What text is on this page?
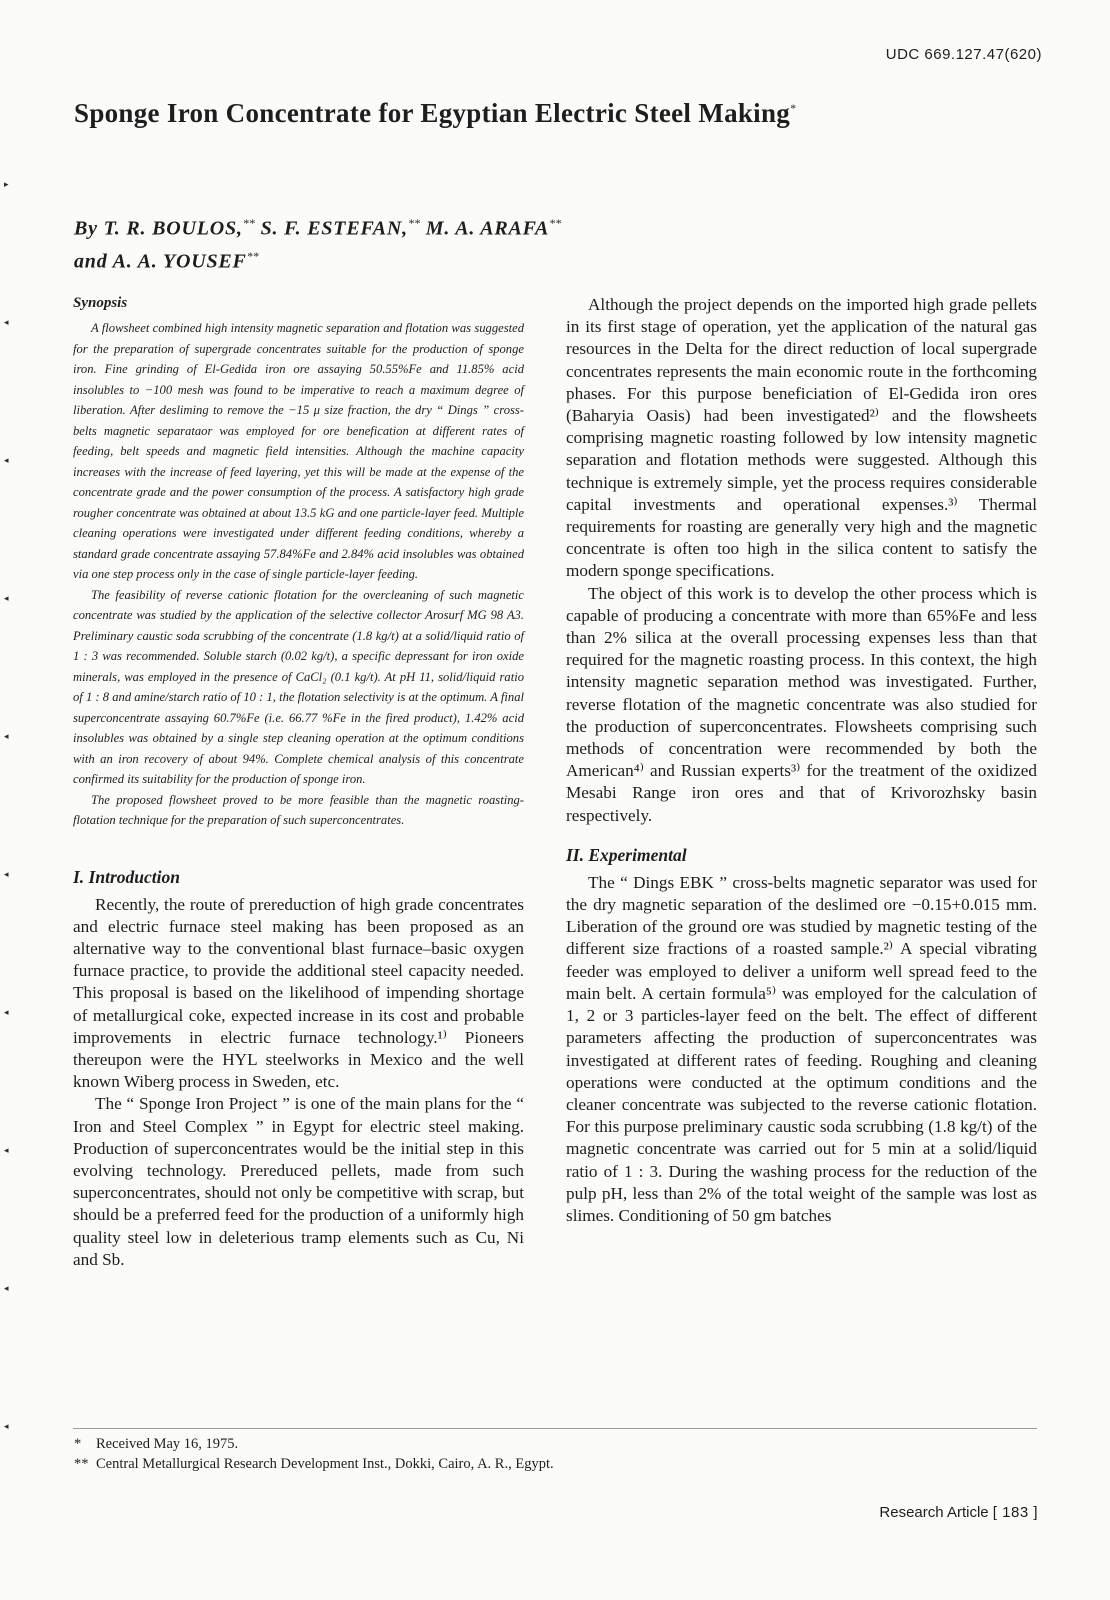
UDC 669.127.47(620)
Sponge Iron Concentrate for Egyptian Electric Steel Making*
By T. R. BOULOS,** S. F. ESTEFAN,** M. A. ARAFA**
and A. A. YOUSEF**
Synopsis

A flowsheet combined high intensity magnetic separation and flotation was suggested for the preparation of supergrade concentrates suitable for the production of sponge iron. Fine grinding of El-Gedida iron ore assaying 50.55%Fe and 11.85% acid insolubles to −100 mesh was found to be imperative to reach a maximum degree of liberation. After desliming to remove the −15 μ size fraction, the dry “ Dings ” cross-belts magnetic separataor was employed for ore benefication at different rates of feeding, belt speeds and magnetic field intensities. Although the machine capacity increases with the increase of feed layering, yet this will be made at the expense of the concentrate grade and the power consumption of the process. A satisfactory high grade rougher concentrate was obtained at about 13.5 kG and one particle-layer feed. Multiple cleaning operations were investigated under different feeding conditions, whereby a standard grade concentrate assaying 57.84%Fe and 2.84% acid insolubles was obtained via one step process only in the case of single particle-layer feeding.

The feasibility of reverse cationic flotation for the overcleaning of such magnetic concentrate was studied by the application of the selective collector Arosurf MG 98 A3. Preliminary caustic soda scrubbing of the concentrate (1.8 kg/t) at a solid/liquid ratio of 1 : 3 was recommended. Soluble starch (0.02 kg/t), a specific depressant for iron oxide minerals, was employed in the presence of CaCl₂ (0.1 kg/t). At pH 11, solid/liquid ratio of 1 : 8 and amine/starch ratio of 10 : 1, the flotation selectivity is at the optimum. A final superconcentrate assaying 60.7%Fe (i.e. 66.77 %Fe in the fired product), 1.42% acid insolubles was obtained by a single step cleaning operation at the optimum conditions with an iron recovery of about 94%. Complete chemical analysis of this concentrate confirmed its suitability for the production of sponge iron.

The proposed flowsheet proved to be more feasible than the magnetic roasting-flotation technique for the preparation of such superconcentrates.

I. Introduction

Recently, the route of prereduction of high grade concentrates and electric furnace steel making has been proposed as an alternative way to the conventional blast furnace–basic oxygen furnace practice, to provide the additional steel capacity needed. This proposal is based on the likelihood of impending shortage of metallurgical coke, expected increase in its cost and probable improvements in electric furnace technology.¹⁾ Pioneers thereupon were the HYL steelworks in Mexico and the well known Wiberg process in Sweden, etc.

The “ Sponge Iron Project ” is one of the main plans for the “ Iron and Steel Complex ” in Egypt for electric steel making. Production of superconcentrates would be the initial step in this evolving technology. Prereduced pellets, made from such superconcentrates, should not only be competitive with scrap, but should be a preferred feed for the production of a uniformly high quality steel low in deleterious tramp elements such as Cu, Ni and Sb.

Although the project depends on the imported high grade pellets in its first stage of operation, yet the application of the natural gas resources in the Delta for the direct reduction of local supergrade concentrates represents the main economic route in the forthcoming phases. For this purpose beneficiation of El-Gedida iron ores (Baharyia Oasis) had been investigated²⁾ and the flowsheets comprising magnetic roasting followed by low intensity magnetic separation and flotation methods were suggested. Although this technique is extremely simple, yet the process requires considerable capital investments and operational expenses.³⁾ Thermal requirements for roasting are generally very high and the magnetic concentrate is often too high in the silica content to satisfy the modern sponge specifications.

The object of this work is to develop the other process which is capable of producing a concentrate with more than 65%Fe and less than 2% silica at the overall processing expenses less than that required for the magnetic roasting process. In this context, the high intensity magnetic separation method was investigated. Further, reverse flotation of the magnetic concentrate was also studied for the production of superconcentrates. Flowsheets comprising such methods of concentration were recommended by both the American⁴⁾ and Russian experts³⁾ for the treatment of the oxidized Mesabi Range iron ores and that of Krivorozhsky basin respectively.

II. Experimental

The “ Dings EBK ” cross-belts magnetic separator was used for the dry magnetic separation of the deslimed ore −0.15+0.015 mm. Liberation of the ground ore was studied by magnetic testing of the different size fractions of a roasted sample.²⁾ A special vibrating feeder was employed to deliver a uniform well spread feed to the main belt. A certain formula⁵⁾ was employed for the calculation of 1, 2 or 3 particles-layer feed on the belt. The effect of different parameters affecting the production of superconcentrates was investigated at different rates of feeding. Roughing and cleaning operations were conducted at the optimum conditions and the cleaner concentrate was subjected to the reverse cationic flotation. For this purpose preliminary caustic soda scrubbing (1.8 kg/t) of the magnetic concentrate was carried out for 5 min at a solid/liquid ratio of 1 : 3. During the washing process for the reduction of the pulp pH, less than 2% of the total weight of the sample was lost as slimes. Conditioning of 50 gm batches

* Received May 16, 1975.
** Central Metallurgical Research Development Inst., Dokki, Cairo, A. R., Egypt.
Research Article [ 183 ]
▸
◂
◂
◂
◂
◂
◂
◂
◂
◂
